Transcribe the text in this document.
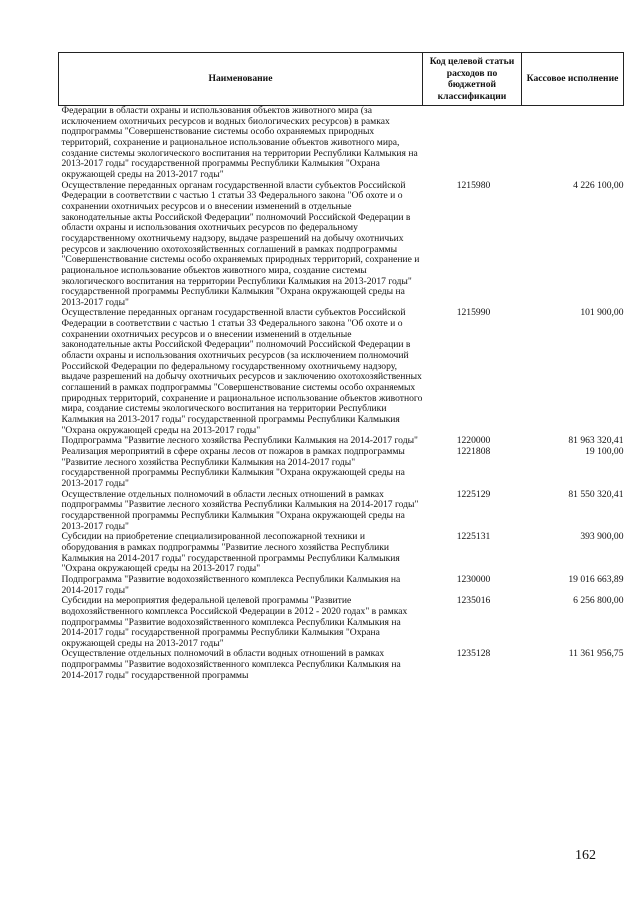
Наименование	Код целевой статьи расходов по бюджетной классификации	Кассовое исполнение
Федерации в области охраны и использования объектов животного мира (за исключением охотничьих ресурсов и водных биологических ресурсов) в рамках подпрограммы "Совершенствование системы особо охраняемых природных территорий, сохранение и рациональное использование объектов животного мира, создание системы экологического воспитания на территории Республики Калмыкия на 2013-2017 годы" государственной программы Республики Калмыкия "Охрана окружающей среды на 2013-2017 годы"		
Осуществление переданных органам государственной власти субъектов Российской Федерации в соответствии с частью 1 статьи 33 Федерального закона "Об охоте и о сохранении охотничьих ресурсов и о внесении изменений в отдельные законодательные акты Российской Федерации" полномочий Российской Федерации в области охраны и использования охотничьих ресурсов по федеральному государственному охотничьему надзору, выдаче разрешений на добычу охотничьих ресурсов и заключению охотохозяйственных соглашений в рамках подпрограммы "Совершенствование системы особо охраняемых природных территорий, сохранение и рациональное использование объектов животного мира, создание системы экологического воспитания на территории Республики Калмыкия на 2013-2017 годы" государственной программы Республики Калмыкия "Охрана окружающей среды на 2013-2017 годы"	1215980	4 226 100,00
Осуществление переданных органам государственной власти субъектов Российской Федерации в соответствии с частью 1 статьи 33 Федерального закона "Об охоте и о сохранении охотничьих ресурсов и о внесении изменений в отдельные законодательные акты Российской Федерации" полномочий Российской Федерации в области охраны и использования охотничьих ресурсов (за исключением полномочий Российской Федерации по федеральному государственному охотничьему надзору, выдаче разрешений на добычу охотничьих ресурсов и заключению охотохозяйственных соглашений в рамках подпрограммы "Совершенствование системы особо охраняемых природных территорий, сохранение и рациональное использование объектов животного мира, создание системы экологического воспитания на территории Республики Калмыкия на 2013-2017 годы" государственной программы Республики Калмыкия "Охрана окружающей среды на 2013-2017 годы"	1215990	101 900,00
Подпрограмма "Развитие лесного хозяйства Республики Калмыкия на 2014-2017 годы"	1220000	81 963 320,41
Реализация мероприятий в сфере охраны лесов от пожаров в рамках подпрограммы "Развитие лесного хозяйства Республики Калмыкия на 2014-2017 годы" государственной программы Республики Калмыкия "Охрана окружающей среды на 2013-2017 годы"	1221808	19 100,00
Осуществление отдельных полномочий в области лесных отношений в рамках подпрограммы "Развитие лесного хозяйства Республики Калмыкия на 2014-2017 годы" государственной программы Республики Калмыкия "Охрана окружающей среды на 2013-2017 годы"	1225129	81 550 320,41
Субсидии на приобретение специализированной лесопожарной техники и оборудования в рамках подпрограммы "Развитие лесного хозяйства Республики Калмыкия на 2014-2017 годы" государственной программы Республики Калмыкия "Охрана окружающей среды на 2013-2017 годы"	1225131	393 900,00
Подпрограмма "Развитие водохозяйственного комплекса Республики Калмыкия на 2014-2017 годы"	1230000	19 016 663,89
Субсидии на мероприятия федеральной целевой программы "Развитие водохозяйственного комплекса Российской Федерации в 2012 - 2020 годах" в рамках подпрограммы "Развитие водохозяйственного комплекса Республики Калмыкия на 2014-2017 годы" государственной программы Республики Калмыкия "Охрана окружающей среды на 2013-2017 годы"	1235016	6 256 800,00
Осуществление отдельных полномочий в области водных отношений в рамках подпрограммы "Развитие водохозяйственного комплекса Республики Калмыкия на 2014-2017 годы" государственной программы	1235128	11 361 956,75
162
